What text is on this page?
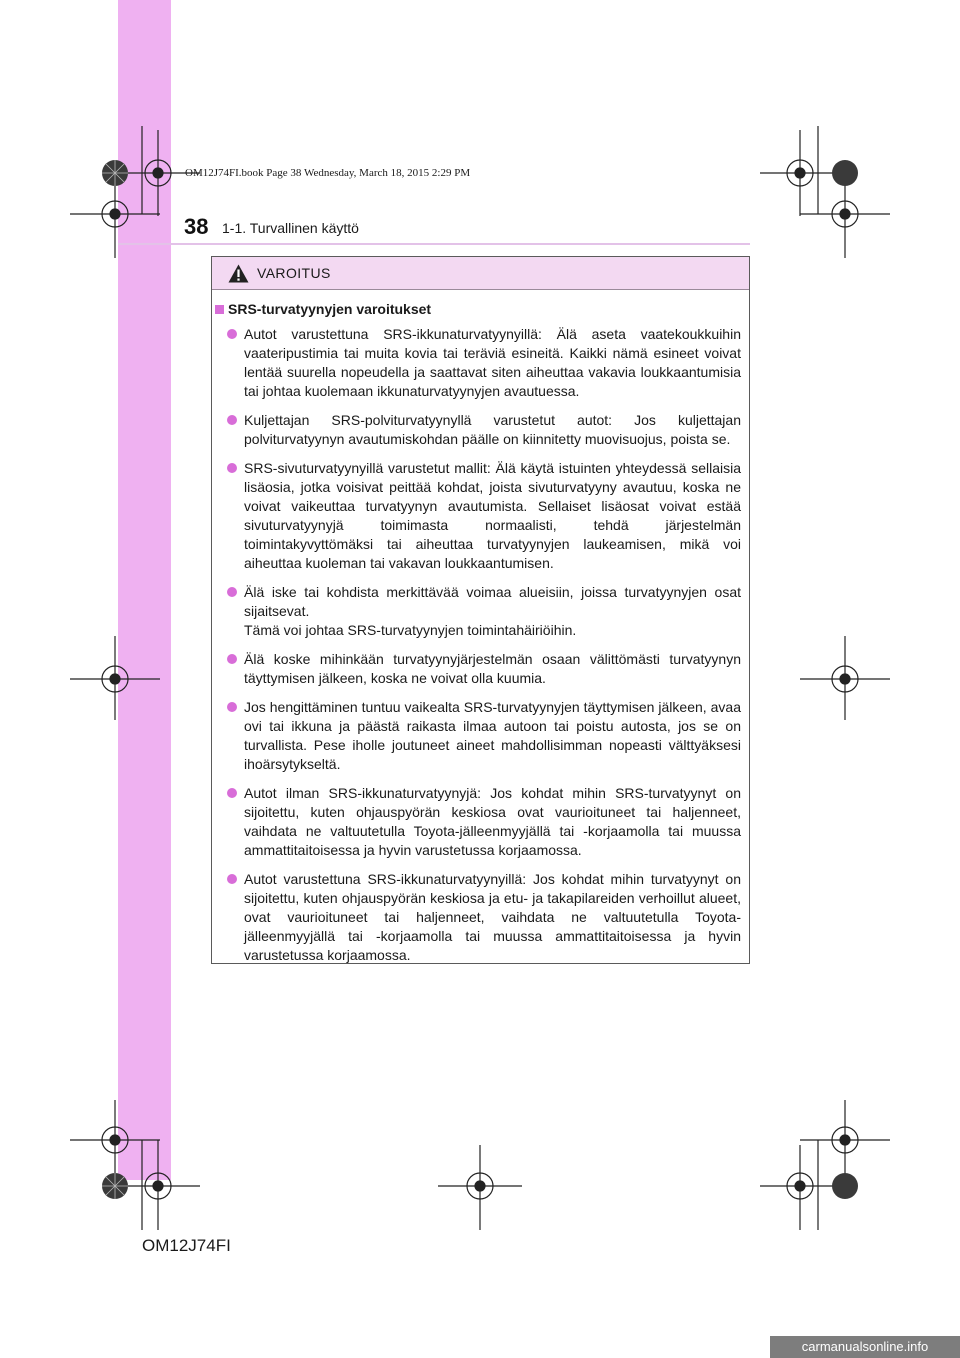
OM12J74FI.book Page 38 Wednesday, March 18, 2015 2:29 PM
38 1-1. Turvallinen käyttö
VAROITUS
SRS-turvatyynyjen varoitukset
Autot varustettuna SRS-ikkunaturvatyynyillä: Älä aseta vaatekoukkuihin vaateripustimia tai muita kovia tai teräviä esineitä. Kaikki nämä esineet voivat lentää suurella nopeudella ja saattavat siten aiheuttaa vakavia loukkaantumisia tai johtaa kuolemaan ikkunaturvatyynyjen avautuessa.
Kuljettajan SRS-polviturvatyynyllä varustetut autot: Jos kuljettajan polviturvatyynyn avautumiskohdan päälle on kiinnitetty muovisuojus, poista se.
SRS-sivuturvatyynyillä varustetut mallit: Älä käytä istuinten yhteydessä sellaisia lisäosia, jotka voisivat peittää kohdat, joista sivuturvatyyny avautuu, koska ne voivat vaikeuttaa turvatyynyn avautumista. Sellaiset lisäosat voivat estää sivuturvatyynyjä toimimasta normaalisti, tehdä järjestelmän toimintakyvyttömäksi tai aiheuttaa turvatyynyjen laukeamisen, mikä voi aiheuttaa kuoleman tai vakavan loukkaantumisen.
Älä iske tai kohdista merkittävää voimaa alueisiin, joissa turvatyynyjen osat sijaitsevat.
Tämä voi johtaa SRS-turvatyynyjen toimintahäiriöihin.
Älä koske mihinkään turvatyynyjärjestelmän osaan välittömästi turvatyynyn täyttymisen jälkeen, koska ne voivat olla kuumia.
Jos hengittäminen tuntuu vaikealta SRS-turvatyynyjen täyttymisen jälkeen, avaa ovi tai ikkuna ja päästä raikasta ilmaa autoon tai poistu autosta, jos se on turvallista. Pese iholle joutuneet aineet mahdollisimman nopeasti välttyäksesi ihoärsytykseltä.
Autot ilman SRS-ikkunaturvatyynyjä: Jos kohdat mihin SRS-turvatyynyt on sijoitettu, kuten ohjauspyörän keskiosa ovat vaurioituneet tai haljenneet, vaihdata ne valtuutetulla Toyota-jälleenmyyjällä tai -korjaamolla tai muussa ammattitaitoisessa ja hyvin varustetussa korjaamossa.
Autot varustettuna SRS-ikkunaturvatyynyillä: Jos kohdat mihin turvatyynyt on sijoitettu, kuten ohjauspyörän keskiosa ja etu- ja takapilareiden verhoillut alueet, ovat vaurioituneet tai haljenneet, vaihdata ne valtuutetulla Toyota-jälleenmyyjällä tai -korjaamolla tai muussa ammattitaitoisessa ja hyvin varustetussa korjaamossa.
OM12J74FI
carmanualsonline.info
